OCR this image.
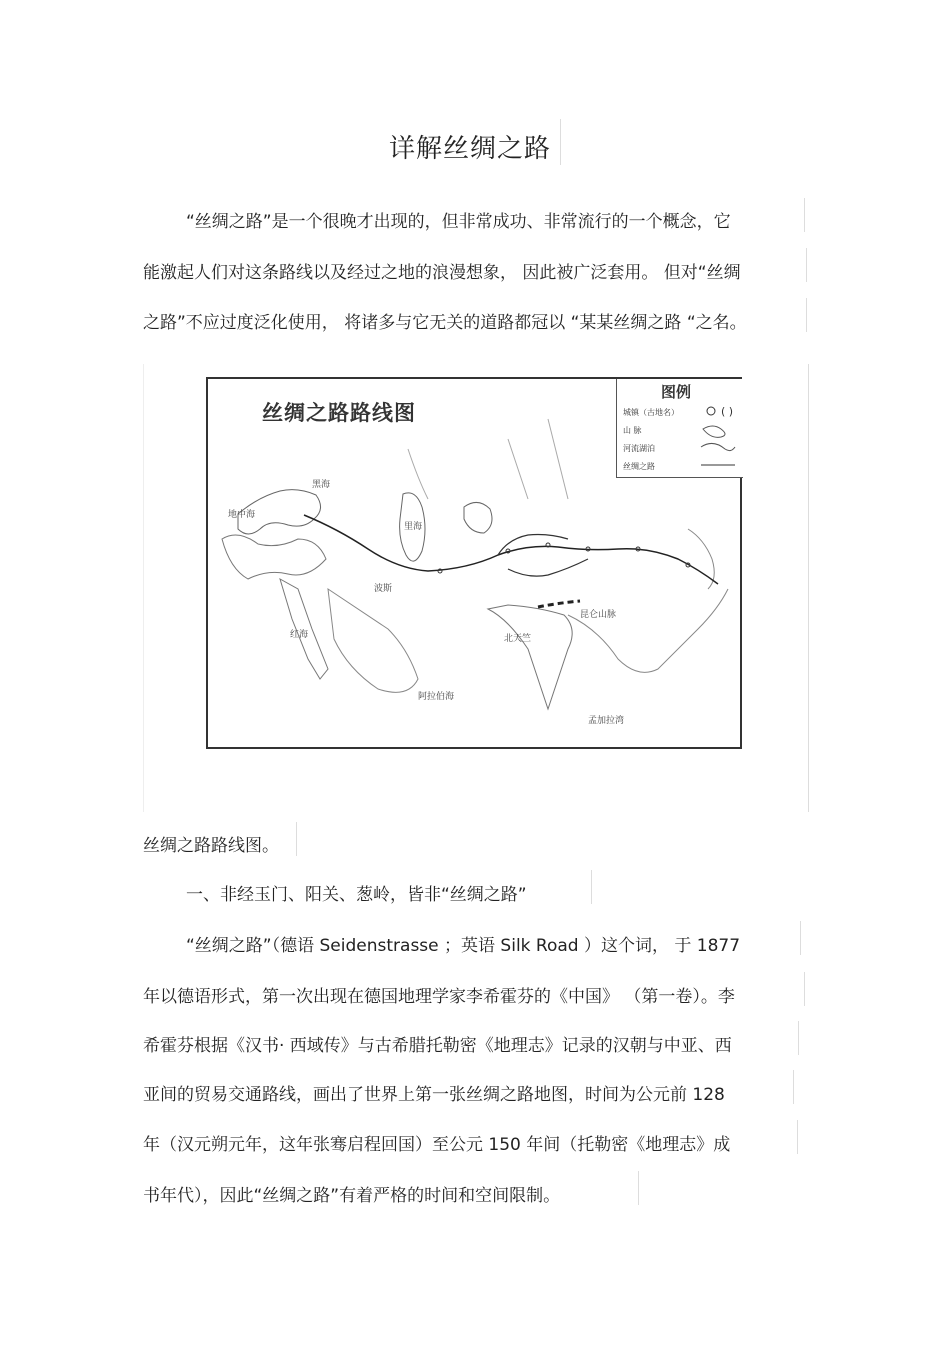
详解丝绸之路
“丝绸之路”是一个很晚才出现的，但非常成功、非常流行的一个概念，它
能激起人们对这条路线以及经过之地的浪漫想象， 因此被广泛套用。 但对“丝绸
之路”不应过度泛化使用， 将诸多与它无关的道路都冠以 “某某丝绸之路 “之名。
丝绸之路路线图
图例
城镇（古地名）
山 脉
河流湖泊
丝绸之路
( )
黑海
地中海
里海
波斯
红海
阿拉伯海
孟加拉湾
北天竺
昆仑山脉
丝绸之路路线图。
一、非经玉门、阳关、葱岭，皆非“丝绸之路”
“丝绸之路”（德语 Seidenstrasse ；英语 Silk Road ）这个词， 于 1877
年以德语形式，第一次出现在德国地理学家李希霍芬的《中国》 （第一卷）。李
希霍芬根据《汉书· 西域传》与古希腊托勒密《地理志》记录的汉朝与中亚、西
亚间的贸易交通路线，画出了世界上第一张丝绸之路地图，时间为公元前 128
年（汉元朔元年，这年张骞启程回国）至公元 150 年间（托勒密《地理志》成
书年代），因此“丝绸之路”有着严格的时间和空间限制。
